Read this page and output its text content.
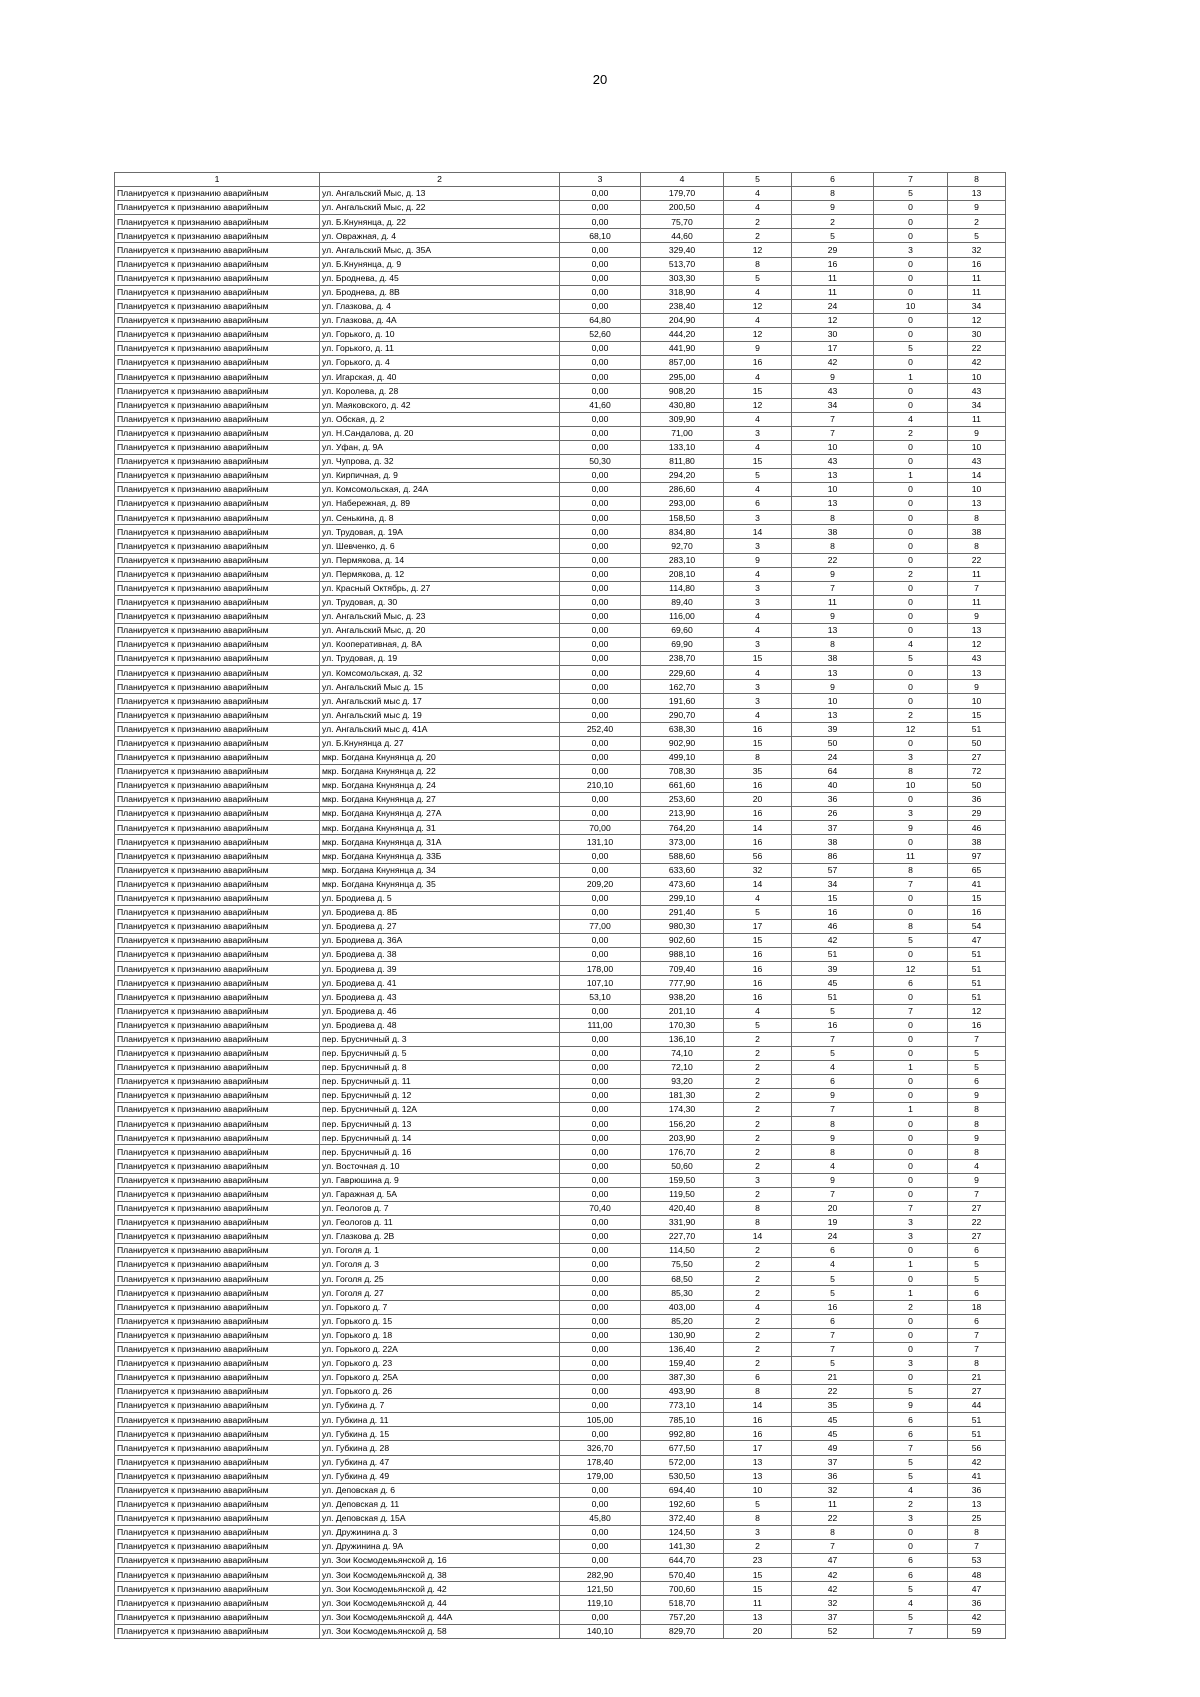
20
1	2	3	4	5	6	7	8
Планируется к признанию аварийным	ул. Ангальский Мыс, д. 13	0,00	179,70	4	8	5	13
Планируется к признанию аварийным	ул. Ангальский Мыс, д. 22	0,00	200,50	4	9	0	9
Планируется к признанию аварийным	ул. Б.Кнунянца, д. 22	0,00	75,70	2	2	0	2
Планируется к признанию аварийным	ул. Овражная, д. 4	68,10	44,60	2	5	0	5
Планируется к признанию аварийным	ул. Ангальский Мыс, д. 35А	0,00	329,40	12	29	3	32
Планируется к признанию аварийным	ул. Б.Кнунянца, д. 9	0,00	513,70	8	16	0	16
Планируется к признанию аварийным	ул. Броднева, д. 45	0,00	303,30	5	11	0	11
Планируется к признанию аварийным	ул. Броднева, д. 8В	0,00	318,90	4	11	0	11
Планируется к признанию аварийным	ул. Глазкова, д. 4	0,00	238,40	12	24	10	34
Планируется к признанию аварийным	ул. Глазкова, д. 4А	64,80	204,90	4	12	0	12
Планируется к признанию аварийным	ул. Горького, д. 10	52,60	444,20	12	30	0	30
Планируется к признанию аварийным	ул. Горького, д. 11	0,00	441,90	9	17	5	22
Планируется к признанию аварийным	ул. Горького, д. 4	0,00	857,00	16	42	0	42
Планируется к признанию аварийным	ул. Игарская, д. 40	0,00	295,00	4	9	1	10
Планируется к признанию аварийным	ул. Королева, д. 28	0,00	908,20	15	43	0	43
Планируется к признанию аварийным	ул. Маяковского, д. 42	41,60	430,80	12	34	0	34
Планируется к признанию аварийным	ул. Обская, д. 2	0,00	309,90	4	7	4	11
Планируется к признанию аварийным	ул. Н.Сандалова, д. 20	0,00	71,00	3	7	2	9
Планируется к признанию аварийным	ул. Уфан, д. 9А	0,00	133,10	4	10	0	10
Планируется к признанию аварийным	ул. Чупрова, д. 32	50,30	811,80	15	43	0	43
Планируется к признанию аварийным	ул. Кирпичная, д. 9	0,00	294,20	5	13	1	14
Планируется к признанию аварийным	ул. Комсомольская, д. 24А	0,00	286,60	4	10	0	10
Планируется к признанию аварийным	ул. Набережная, д. 89	0,00	293,00	6	13	0	13
Планируется к признанию аварийным	ул. Сенькина, д. 8	0,00	158,50	3	8	0	8
Планируется к признанию аварийным	ул. Трудовая, д. 19А	0,00	834,80	14	38	0	38
Планируется к признанию аварийным	ул. Шевченко, д. 6	0,00	92,70	3	8	0	8
Планируется к признанию аварийным	ул. Пермякова, д. 14	0,00	283,10	9	22	0	22
Планируется к признанию аварийным	ул. Пермякова, д. 12	0,00	208,10	4	9	2	11
Планируется к признанию аварийным	ул. Красный Октябрь, д. 27	0,00	114,80	3	7	0	7
Планируется к признанию аварийным	ул. Трудовая, д. 30	0,00	89,40	3	11	0	11
Планируется к признанию аварийным	ул. Ангальский Мыс, д. 23	0,00	116,00	4	9	0	9
Планируется к признанию аварийным	ул. Ангальский Мыс, д. 20	0,00	69,60	4	13	0	13
Планируется к признанию аварийным	ул. Кооперативная, д. 8А	0,00	69,90	3	8	4	12
Планируется к признанию аварийным	ул. Трудовая, д. 19	0,00	238,70	15	38	5	43
Планируется к признанию аварийным	ул. Комсомольская, д. 32	0,00	229,60	4	13	0	13
Планируется к признанию аварийным	ул. Ангальский Мыс д. 15	0,00	162,70	3	9	0	9
Планируется к признанию аварийным	ул. Ангальский мыс д. 17	0,00	191,60	3	10	0	10
Планируется к признанию аварийным	ул. Ангальский мыс д. 19	0,00	290,70	4	13	2	15
Планируется к признанию аварийным	ул. Ангальский мыс д. 41А	252,40	638,30	16	39	12	51
Планируется к признанию аварийным	ул. Б.Кнунянца д. 27	0,00	902,90	15	50	0	50
Планируется к признанию аварийным	мкр. Богдана Кнунянца д. 20	0,00	499,10	8	24	3	27
Планируется к признанию аварийным	мкр. Богдана Кнунянца д. 22	0,00	708,30	35	64	8	72
Планируется к признанию аварийным	мкр. Богдана Кнунянца д. 24	210,10	661,60	16	40	10	50
Планируется к признанию аварийным	мкр. Богдана Кнунянца д. 27	0,00	253,60	20	36	0	36
Планируется к признанию аварийным	мкр. Богдана Кнунянца д. 27А	0,00	213,90	16	26	3	29
Планируется к признанию аварийным	мкр. Богдана Кнунянца д. 31	70,00	764,20	14	37	9	46
Планируется к признанию аварийным	мкр. Богдана Кнунянца д. 31А	131,10	373,00	16	38	0	38
Планируется к признанию аварийным	мкр. Богдана Кнунянца д. 33Б	0,00	588,60	56	86	11	97
Планируется к признанию аварийным	мкр. Богдана Кнунянца д. 34	0,00	633,60	32	57	8	65
Планируется к признанию аварийным	мкр. Богдана Кнунянца д. 35	209,20	473,60	14	34	7	41
Планируется к признанию аварийным	ул. Бродиева д. 5	0,00	299,10	4	15	0	15
Планируется к признанию аварийным	ул. Бродиева д. 8Б	0,00	291,40	5	16	0	16
Планируется к признанию аварийным	ул. Бродиева д. 27	77,00	980,30	17	46	8	54
Планируется к признанию аварийным	ул. Бродиева д. 36А	0,00	902,60	15	42	5	47
Планируется к признанию аварийным	ул. Бродиева д. 38	0,00	988,10	16	51	0	51
Планируется к признанию аварийным	ул. Бродиева д. 39	178,00	709,40	16	39	12	51
Планируется к признанию аварийным	ул. Бродиева д. 41	107,10	777,90	16	45	6	51
Планируется к признанию аварийным	ул. Бродиева д. 43	53,10	938,20	16	51	0	51
Планируется к признанию аварийным	ул. Бродиева д. 46	0,00	201,10	4	5	7	12
Планируется к признанию аварийным	ул. Бродиева д. 48	111,00	170,30	5	16	0	16
Планируется к признанию аварийным	пер. Брусничный д. 3	0,00	136,10	2	7	0	7
Планируется к признанию аварийным	пер. Брусничный д. 5	0,00	74,10	2	5	0	5
Планируется к признанию аварийным	пер. Брусничный д. 8	0,00	72,10	2	4	1	5
Планируется к признанию аварийным	пер. Брусничный д. 11	0,00	93,20	2	6	0	6
Планируется к признанию аварийным	пер. Брусничный д. 12	0,00	181,30	2	9	0	9
Планируется к признанию аварийным	пер. Брусничный д. 12А	0,00	174,30	2	7	1	8
Планируется к признанию аварийным	пер. Брусничный д. 13	0,00	156,20	2	8	0	8
Планируется к признанию аварийным	пер. Брусничный д. 14	0,00	203,90	2	9	0	9
Планируется к признанию аварийным	пер. Брусничный д. 16	0,00	176,70	2	8	0	8
Планируется к признанию аварийным	ул. Восточная д. 10	0,00	50,60	2	4	0	4
Планируется к признанию аварийным	ул. Гаврюшина д. 9	0,00	159,50	3	9	0	9
Планируется к признанию аварийным	ул. Гаражная д. 5А	0,00	119,50	2	7	0	7
Планируется к признанию аварийным	ул. Геологов д. 7	70,40	420,40	8	20	7	27
Планируется к признанию аварийным	ул. Геологов д. 11	0,00	331,90	8	19	3	22
Планируется к признанию аварийным	ул. Глазкова д. 2В	0,00	227,70	14	24	3	27
Планируется к признанию аварийным	ул. Гоголя д. 1	0,00	114,50	2	6	0	6
Планируется к признанию аварийным	ул. Гоголя д. 3	0,00	75,50	2	4	1	5
Планируется к признанию аварийным	ул. Гоголя д. 25	0,00	68,50	2	5	0	5
Планируется к признанию аварийным	ул. Гоголя д. 27	0,00	85,30	2	5	1	6
Планируется к признанию аварийным	ул. Горького д. 7	0,00	403,00	4	16	2	18
Планируется к признанию аварийным	ул. Горького д. 15	0,00	85,20	2	6	0	6
Планируется к признанию аварийным	ул. Горького д. 18	0,00	130,90	2	7	0	7
Планируется к признанию аварийным	ул. Горького д. 22А	0,00	136,40	2	7	0	7
Планируется к признанию аварийным	ул. Горького д. 23	0,00	159,40	2	5	3	8
Планируется к признанию аварийным	ул. Горького д. 25А	0,00	387,30	6	21	0	21
Планируется к признанию аварийным	ул. Горького д. 26	0,00	493,90	8	22	5	27
Планируется к признанию аварийным	ул. Губкина д. 7	0,00	773,10	14	35	9	44
Планируется к признанию аварийным	ул. Губкина д. 11	105,00	785,10	16	45	6	51
Планируется к признанию аварийным	ул. Губкина д. 15	0,00	992,80	16	45	6	51
Планируется к признанию аварийным	ул. Губкина д. 28	326,70	677,50	17	49	7	56
Планируется к признанию аварийным	ул. Губкина д. 47	178,40	572,00	13	37	5	42
Планируется к признанию аварийным	ул. Губкина д. 49	179,00	530,50	13	36	5	41
Планируется к признанию аварийным	ул. Деповская д. 6	0,00	694,40	10	32	4	36
Планируется к признанию аварийным	ул. Деповская д. 11	0,00	192,60	5	11	2	13
Планируется к признанию аварийным	ул. Деповская д. 15А	45,80	372,40	8	22	3	25
Планируется к признанию аварийным	ул. Дружинина д. 3	0,00	124,50	3	8	0	8
Планируется к признанию аварийным	ул. Дружинина д. 9А	0,00	141,30	2	7	0	7
Планируется к признанию аварийным	ул. Зои Космодемьянской д. 16	0,00	644,70	23	47	6	53
Планируется к признанию аварийным	ул. Зои Космодемьянской д. 38	282,90	570,40	15	42	6	48
Планируется к признанию аварийным	ул. Зои Космодемьянской д. 42	121,50	700,60	15	42	5	47
Планируется к признанию аварийным	ул. Зои Космодемьянской д. 44	119,10	518,70	11	32	4	36
Планируется к признанию аварийным	ул. Зои Космодемьянской д. 44А	0,00	757,20	13	37	5	42
Планируется к признанию аварийным	ул. Зои Космодемьянской д. 58	140,10	829,70	20	52	7	59
